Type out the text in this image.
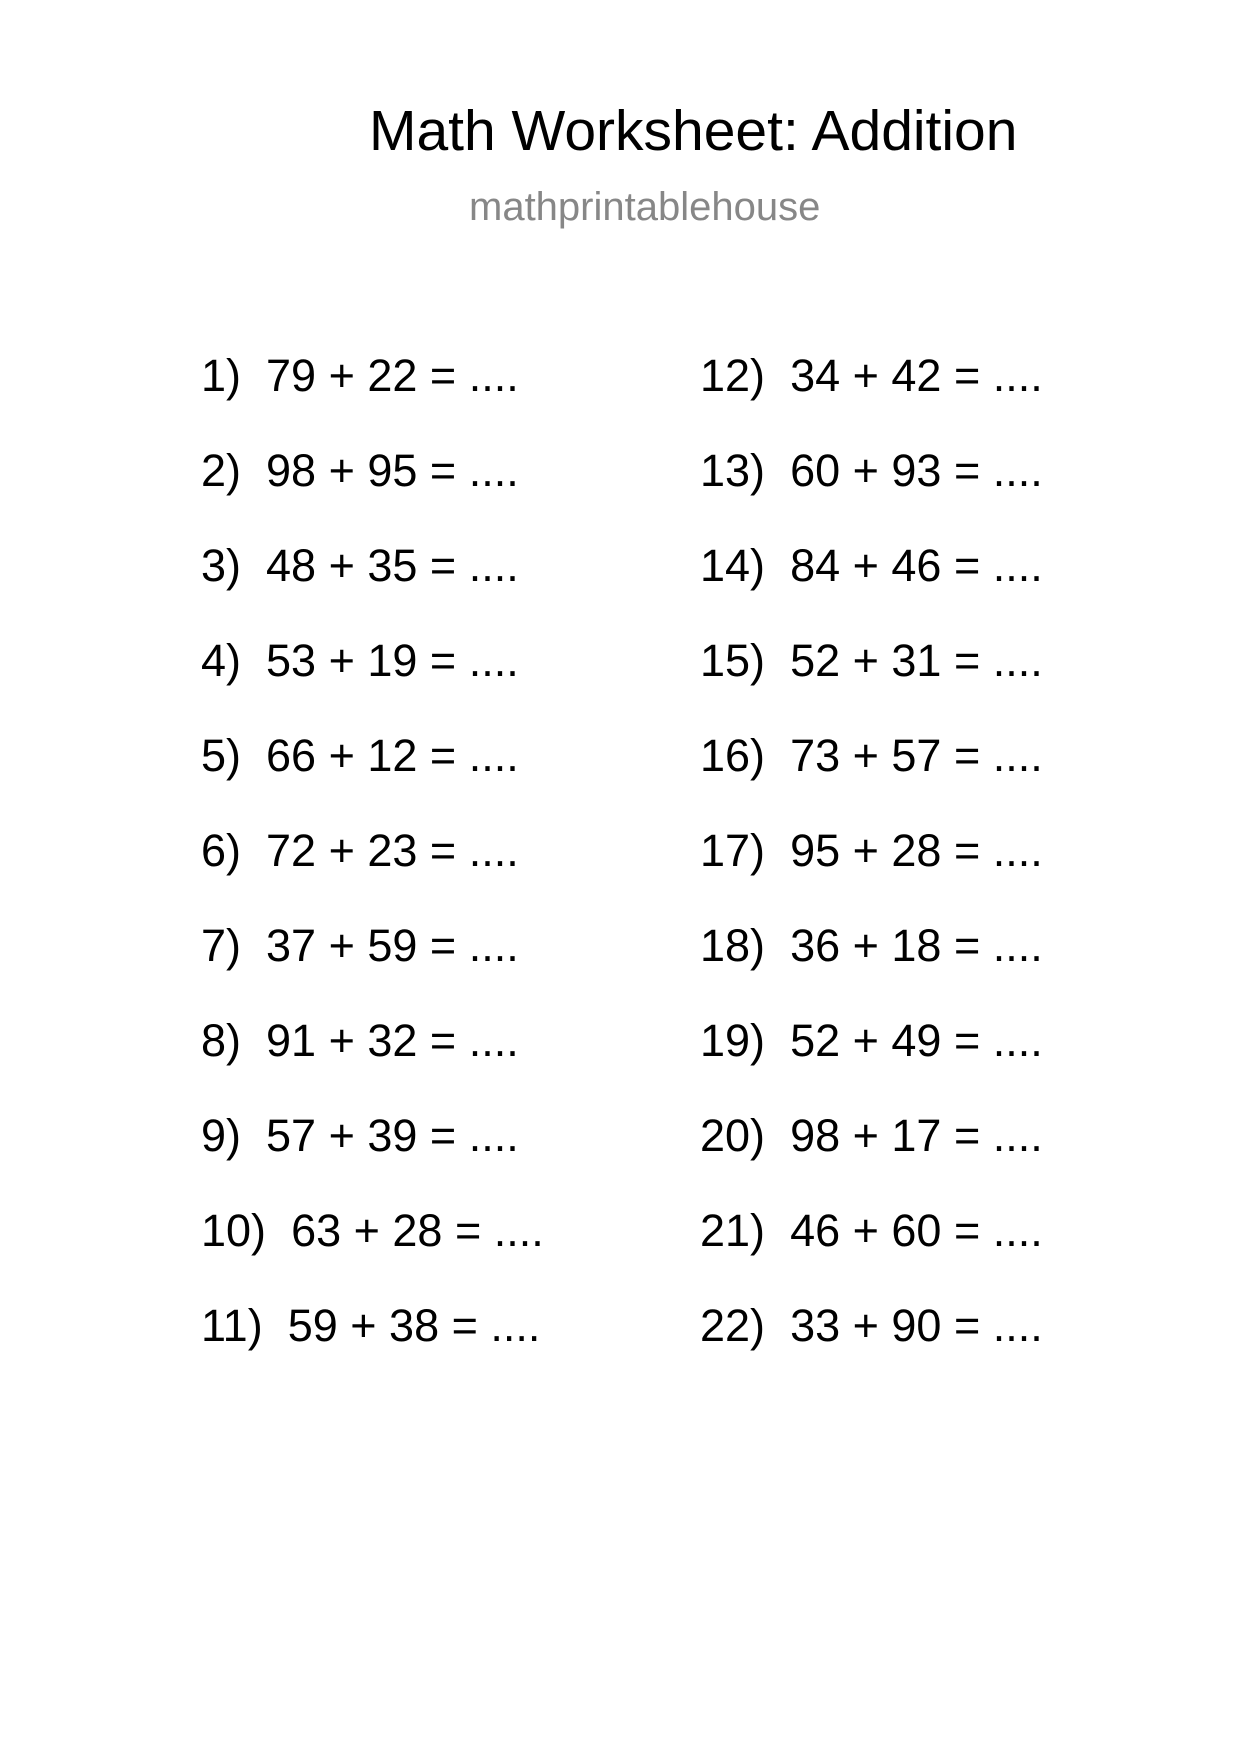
Math Worksheet: Addition
mathprintablehouse
1) 79 + 22 = ....
2) 98 + 95 = ....
3) 48 + 35 = ....
4) 53 + 19 = ....
5) 66 + 12 = ....
6) 72 + 23 = ....
7) 37 + 59 = ....
8) 91 + 32 = ....
9) 57 + 39 = ....
10) 63 + 28 = ....
11) 59 + 38 = ....
12) 34 + 42 = ....
13) 60 + 93 = ....
14) 84 + 46 = ....
15) 52 + 31 = ....
16) 73 + 57 = ....
17) 95 + 28 = ....
18) 36 + 18 = ....
19) 52 + 49 = ....
20) 98 + 17 = ....
21) 46 + 60 = ....
22) 33 + 90 = ....
